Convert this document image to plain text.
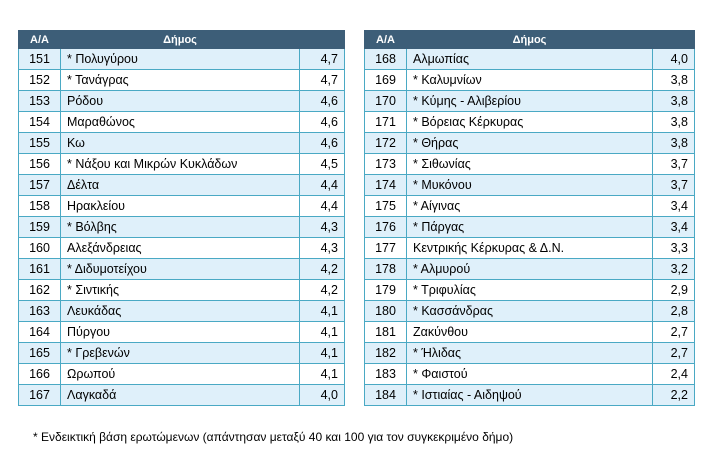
Α/Α	Δήμος	
151	* Πολυγύρου	4,7
152	* Τανάγρας	4,7
153	Ρόδου	4,6
154	Μαραθώνος	4,6
155	Κω	4,6
156	* Νάξου και Μικρών Κυκλάδων	4,5
157	Δέλτα	4,4
158	Ηρακλείου	4,4
159	* Βόλβης	4,3
160	Αλεξάνδρειας	4,3
161	* Διδυμοτείχου	4,2
162	* Σιντικής	4,2
163	Λευκάδας	4,1
164	Πύργου	4,1
165	* Γρεβενών	4,1
166	Ωρωπού	4,1
167	Λαγκαδά	4,0
Α/Α	Δήμος	
168	Αλμωπίας	4,0
169	* Καλυμνίων	3,8
170	* Κύμης - Αλιβερίου	3,8
171	* Βόρειας Κέρκυρας	3,8
172	* Θήρας	3,8
173	* Σιθωνίας	3,7
174	* Μυκόνου	3,7
175	* Αίγινας	3,4
176	* Πάργας	3,4
177	Κεντρικής Κέρκυρας & Δ.Ν.	3,3
178	* Αλμυρού	3,2
179	* Τριφυλίας	2,9
180	* Κασσάνδρας	2,8
181	Ζακύνθου	2,7
182	* Ήλιδας	2,7
183	* Φαιστού	2,4
184	* Ιστιαίας - Αιδηψού	2,2
* Ενδεικτική βάση ερωτώμενων (απάντησαν μεταξύ 40 και 100 για τον συγκεκριμένο δήμο)
